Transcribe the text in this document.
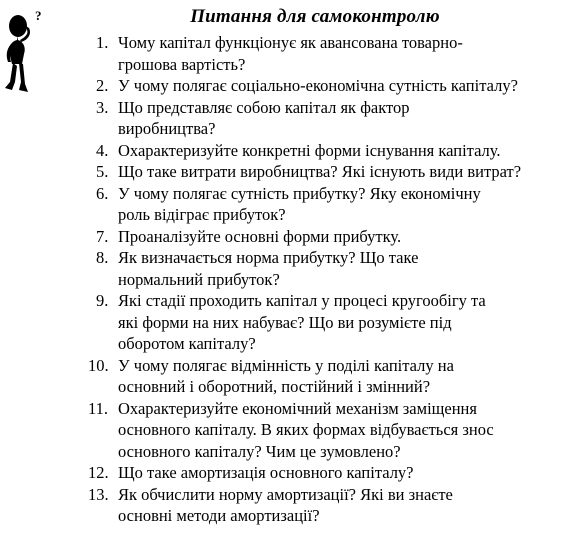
?	Питання для самоконтролю
1. Чому капітал функціонує як авансована товарно-
грошова вартість?
2. У чому полягає соціально-економічна сутність капіталу?
3. Що представляє собою капітал як фактор
виробництва?
4. Охарактеризуйте конкретні форми існування капіталу.
5. Що таке витрати виробництва? Які існують види витрат?
6. У чому полягає сутність прибутку? Яку економічну
роль відіграє прибуток?
7. Проаналізуйте основні форми прибутку.
8. Як визначається норма прибутку? Що таке
нормальний прибуток?
9. Які стадії проходить капітал у процесі кругообігу та
які форми на них набуває? Що ви розумієте під
оборотом капіталу?
10. У чому полягає відмінність у поділі капіталу на
основний і оборотний, постійний і змінний?
11. Охарактеризуйте економічний механізм заміщення
основного капіталу. В яких формах відбувається знос
основного капіталу? Чим це зумовлено?
12. Що таке амортизація основного капіталу?
13. Як обчислити норму амортизації? Які ви знаєте
основні методи амортизації?
